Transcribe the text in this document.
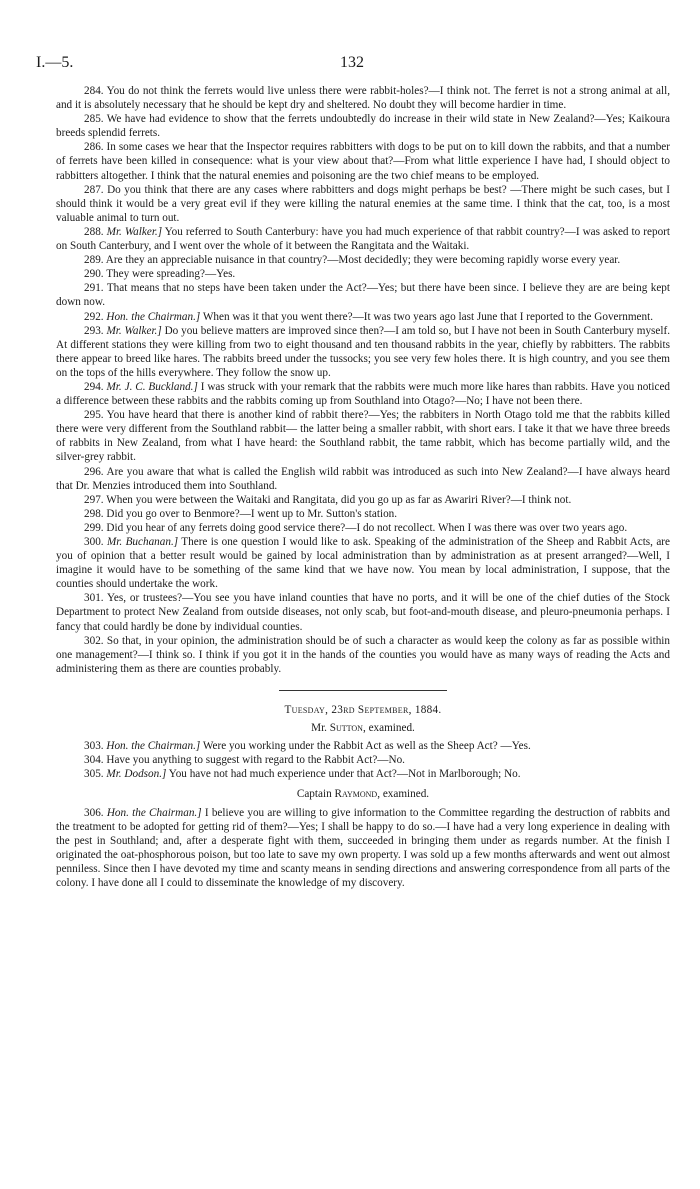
I.—5.	132

284. You do not think the ferrets would live unless there were rabbit-holes?—I think not. The ferret is not a strong animal at all, and it is absolutely necessary that he should be kept dry and sheltered. No doubt they will become hardier in time.

285. We have had evidence to show that the ferrets undoubtedly do increase in their wild state in New Zealand?—Yes; Kaikoura breeds splendid ferrets.

286. In some cases we hear that the Inspector requires rabbitters with dogs to be put on to kill down the rabbits, and that a number of ferrets have been killed in consequence: what is your view about that?—From what little experience I have had, I should object to rabbitters altogether. I think that the natural enemies and poisoning are the two chief means to be employed.

287. Do you think that there are any cases where rabbitters and dogs might perhaps be best? —There might be such cases, but I should think it would be a very great evil if they were killing the natural enemies at the same time. I think that the cat, too, is a most valuable animal to turn out.

288. Mr. Walker.] You referred to South Canterbury: have you had much experience of that rabbit country?—I was asked to report on South Canterbury, and I went over the whole of it between the Rangitata and the Waitaki.

289. Are they an appreciable nuisance in that country?—Most decidedly; they were becoming rapidly worse every year.

290. They were spreading?—Yes.

291. That means that no steps have been taken under the Act?—Yes; but there have been since. I believe they are are being kept down now.

292. Hon. the Chairman.] When was it that you went there?—It was two years ago last June that I reported to the Government.

293. Mr. Walker.] Do you believe matters are improved since then?—I am told so, but I have not been in South Canterbury myself. At different stations they were killing from two to eight thousand and ten thousand rabbits in the year, chiefly by rabbitters. The rabbits there appear to breed like hares. The rabbits breed under the tussocks; you see very few holes there. It is high country, and you see them on the tops of the hills everywhere. They follow the snow up.

294. Mr. J. C. Buckland.] I was struck with your remark that the rabbits were much more like hares than rabbits. Have you noticed a difference between these rabbits and the rabbits coming up from Southland into Otago?—No; I have not been there.

295. You have heard that there is another kind of rabbit there?—Yes; the rabbiters in North Otago told me that the rabbits killed there were very different from the Southland rabbit— the latter being a smaller rabbit, with short ears. I take it that we have three breeds of rabbits in New Zealand, from what I have heard: the Southland rabbit, the tame rabbit, which has become partially wild, and the silver-grey rabbit.

296. Are you aware that what is called the English wild rabbit was introduced as such into New Zealand?—I have always heard that Dr. Menzies introduced them into Southland.

297. When you were between the Waitaki and Rangitata, did you go up as far as Awariri River?—I think not.

298. Did you go over to Benmore?—I went up to Mr. Sutton's station.

299. Did you hear of any ferrets doing good service there?—I do not recollect. When I was there was over two years ago.

300. Mr. Buchanan.] There is one question I would like to ask. Speaking of the administration of the Sheep and Rabbit Acts, are you of opinion that a better result would be gained by local administration than by administration as at present arranged?—Well, I imagine it would have to be something of the same kind that we have now. You mean by local administration, I suppose, that the counties should undertake the work.

301. Yes, or trustees?—You see you have inland counties that have no ports, and it will be one of the chief duties of the Stock Department to protect New Zealand from outside diseases, not only scab, but foot-and-mouth disease, and pleuro-pneumonia perhaps. I fancy that could hardly be done by individual counties.

302. So that, in your opinion, the administration should be of such a character as would keep the colony as far as possible within one management?—I think so. I think if you got it in the hands of the counties you would have as many ways of reading the Acts and administering them as there are counties probably.

Tuesday, 23rd September, 1884.

Mr. Sutton, examined.

303. Hon. the Chairman.] Were you working under the Rabbit Act as well as the Sheep Act? —Yes.

304. Have you anything to suggest with regard to the Rabbit Act?—No.

305. Mr. Dodson.] You have not had much experience under that Act?—Not in Marlborough; No.

Captain Raymond, examined.

306. Hon. the Chairman.] I believe you are willing to give information to the Committee regarding the destruction of rabbits and the treatment to be adopted for getting rid of them?—Yes; I shall be happy to do so.—I have had a very long experience in dealing with the pest in Southland; and, after a desperate fight with them, succeeded in bringing them under as regards number. At the finish I originated the oat-phosphorous poison, but too late to save my own property. I was sold up a few months afterwards and went out almost penniless. Since then I have devoted my time and scanty means in sending directions and answering correspondence from all parts of the colony. I have done all I could to disseminate the knowledge of my discovery.
